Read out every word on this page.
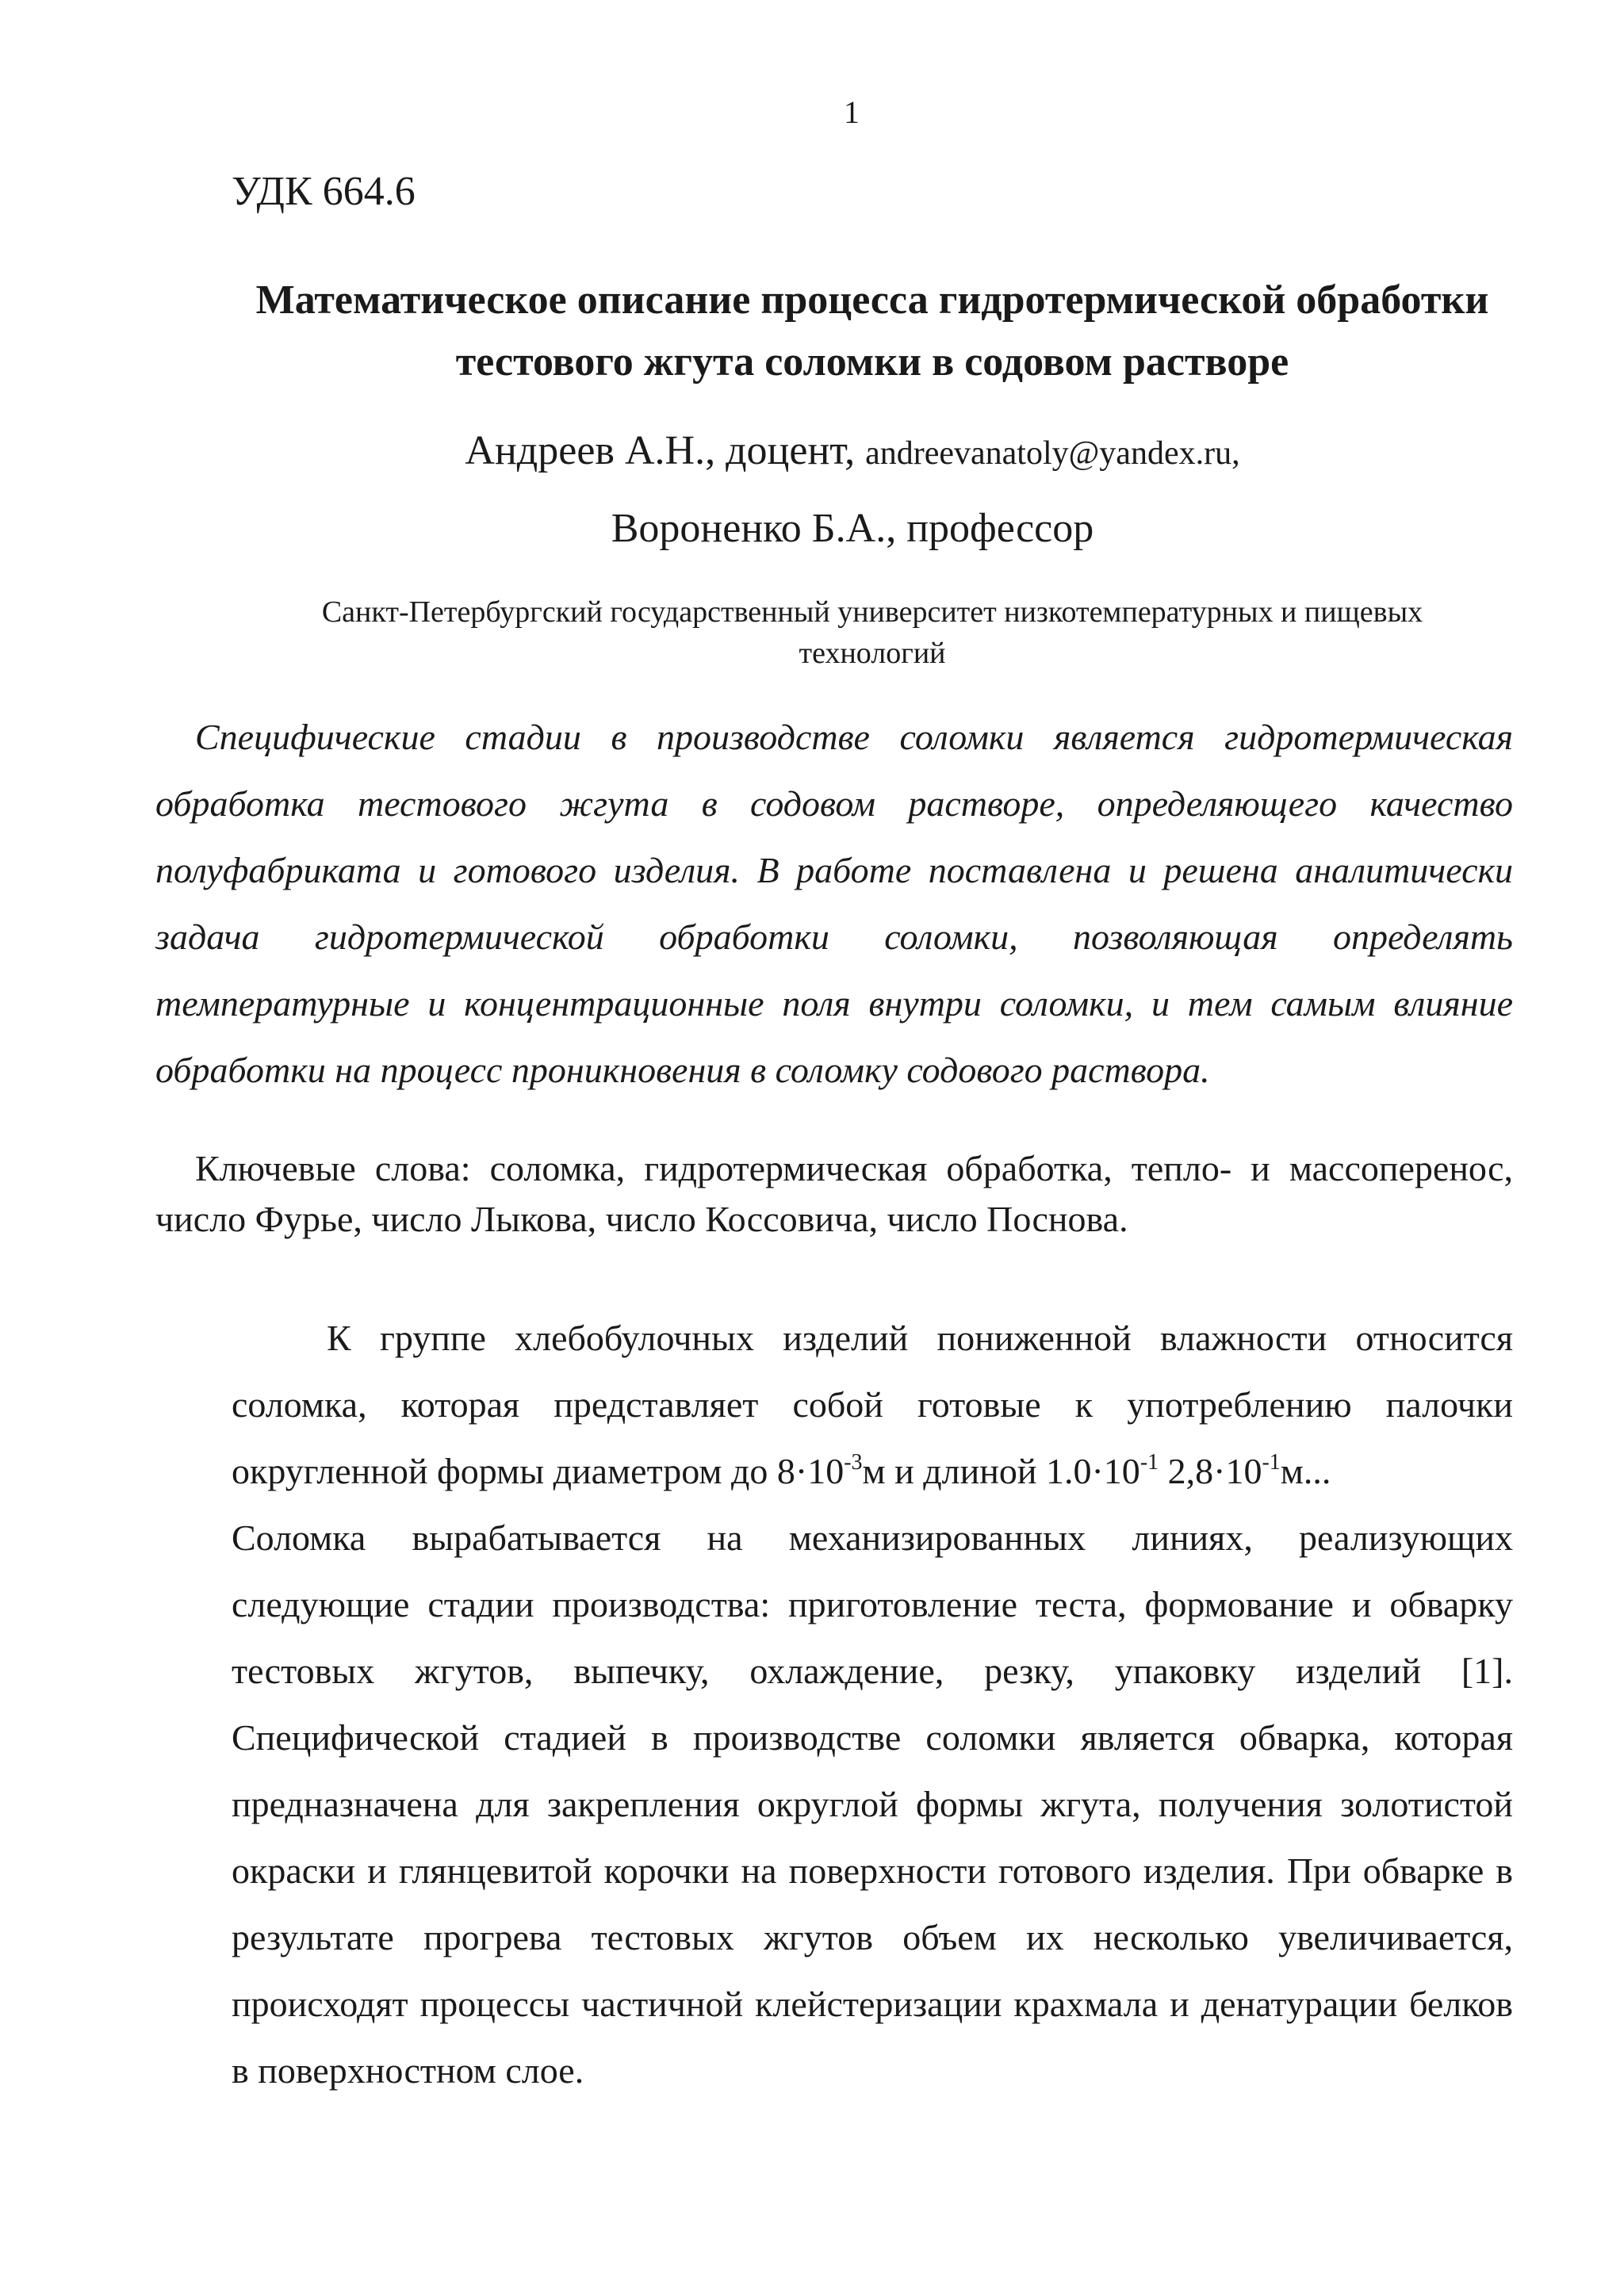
1
УДК 664.6
Математическое описание процесса гидротермической обработки
тестового жгута соломки в содовом растворе
Андреев А.Н., доцент, andreevanatoly@yandex.ru,
Вороненко Б.А., профессор
Санкт-Петербургский государственный университет низкотемпературных и пищевых
технологий
Специфические стадии в производстве соломки является гидротермическая обработка тестового жгута в содовом растворе, определяющего качество полуфабриката и готового изделия. В работе поставлена и решена аналитически задача гидротермической обработки соломки, позволяющая определять температурные и концентрационные поля внутри соломки, и тем самым влияние обработки на процесс проникновения в соломку содового раствора.
Ключевые слова: соломка, гидротермическая обработка, тепло- и массоперенос, число Фурье, число Лыкова, число Коссовича, число Поснова.

К группе хлебобулочных изделий пониженной влажности относится соломка, которая представляет собой готовые к употреблению палочки округленной формы диаметром до $8\cdot 10^{-3}м$ и длиной $1.0\cdot 10^{-1}$ $2,8\cdot 10^{-1}м$...

Соломка вырабатывается на механизированных линиях, реализующих следующие стадии производства: приготовление теста, формование и обварку тестовых жгутов, выпечку, охлаждение, резку, упаковку изделий [1]. Специфической стадией в производстве соломки является обварка, которая предназначена для закрепления округлой формы жгута, получения золотистой окраски и глянцевитой корочки на поверхности готового изделия. При обварке в результате прогрева тестовых жгутов объем их несколько увеличивается, происходят процессы частичной клейстеризации крахмала и денатурации белков в поверхностном слое.
